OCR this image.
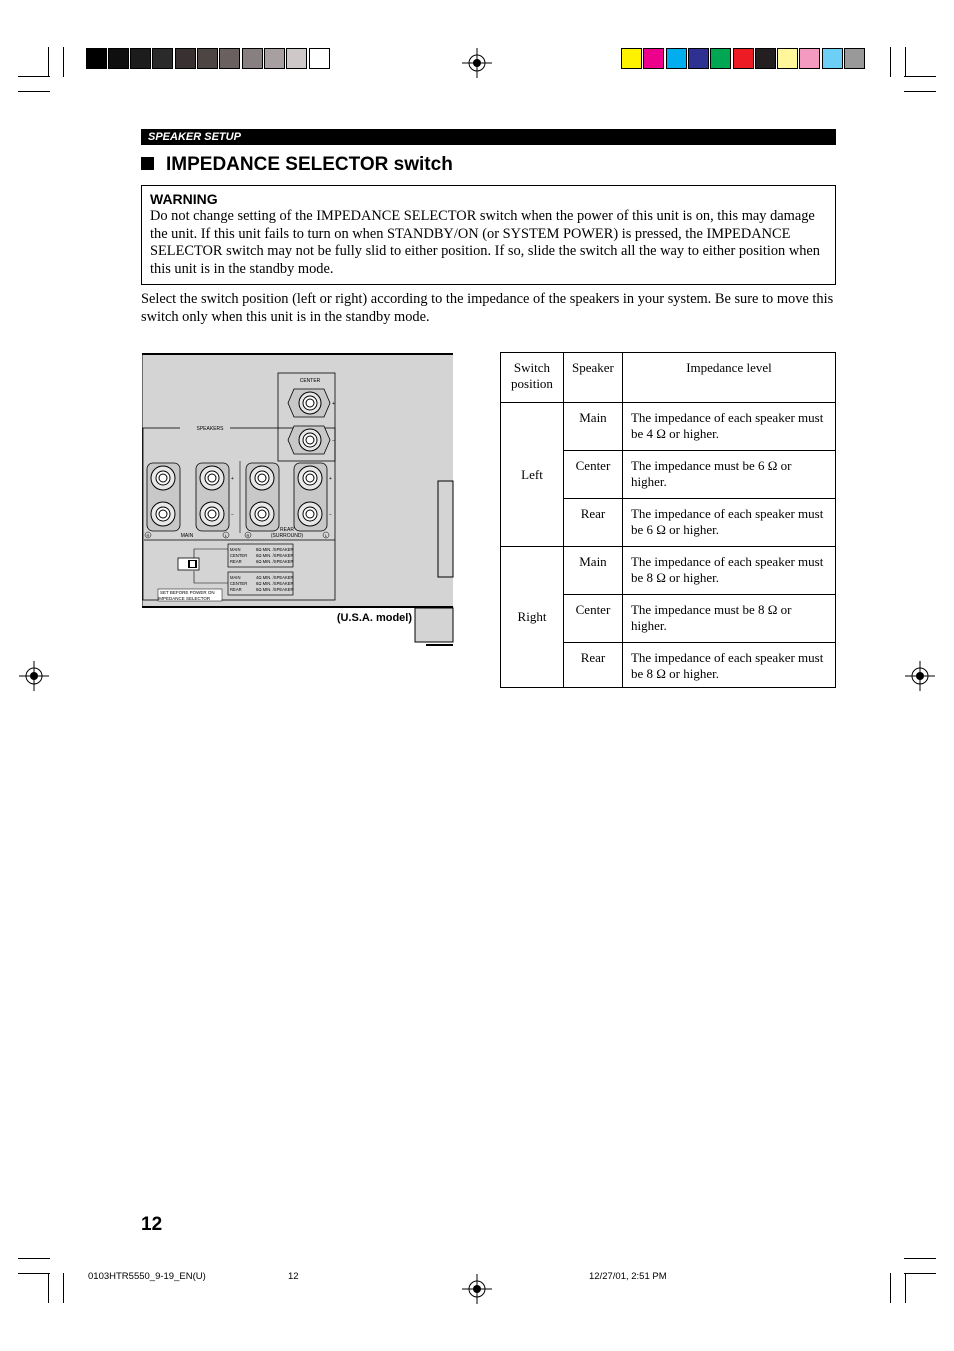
SPEAKER SETUP
IMPEDANCE SELECTOR switch
WARNING
Do not change setting of the IMPEDANCE SELECTOR switch when the power of this unit is on, this may damage the unit. If this unit fails to turn on when STANDBY/ON (or SYSTEM POWER) is pressed, the IMPEDANCE SELECTOR switch may not be fully slid to either position. If so, slide the switch all the way to either position when this unit is in the standby mode.
Select the switch position (left or right) according to the impedance of the speakers in your system. Be sure to move this switch only when this unit is in the standby mode.
CENTER
SPEAKERS
+
−
+
−
+
−
R	MAIN	L	R
REAR
(SURROUND)	L
MAIN	8Ω MIN. /SPEAKER
CENTER 6Ω MIN. /SPEAKER
REAR	6Ω MIN. /SPEAKER
MAIN	4Ω MIN. /SPEAKER
CENTER 6Ω MIN. /SPEAKER
REAR	6Ω MIN. /SPEAKER
SET BEFORE POWER ON
IMPEDANCE SELECTOR
(U.S.A. model)
Switch position	Speaker	Impedance level
Left	Main	The impedance of each speaker must be 4 Ω or higher.
	Center	The impedance must be 6 Ω or higher.
	Rear	The impedance of each speaker must be 6 Ω or higher.
Right	Main	The impedance of each speaker must be 8 Ω or higher.
	Center	The impedance must be 8 Ω or higher.
	Rear	The impedance of each speaker must be 8 Ω or higher.
12
0103HTR5550_9-19_EN(U)	12	12/27/01, 2:51 PM
